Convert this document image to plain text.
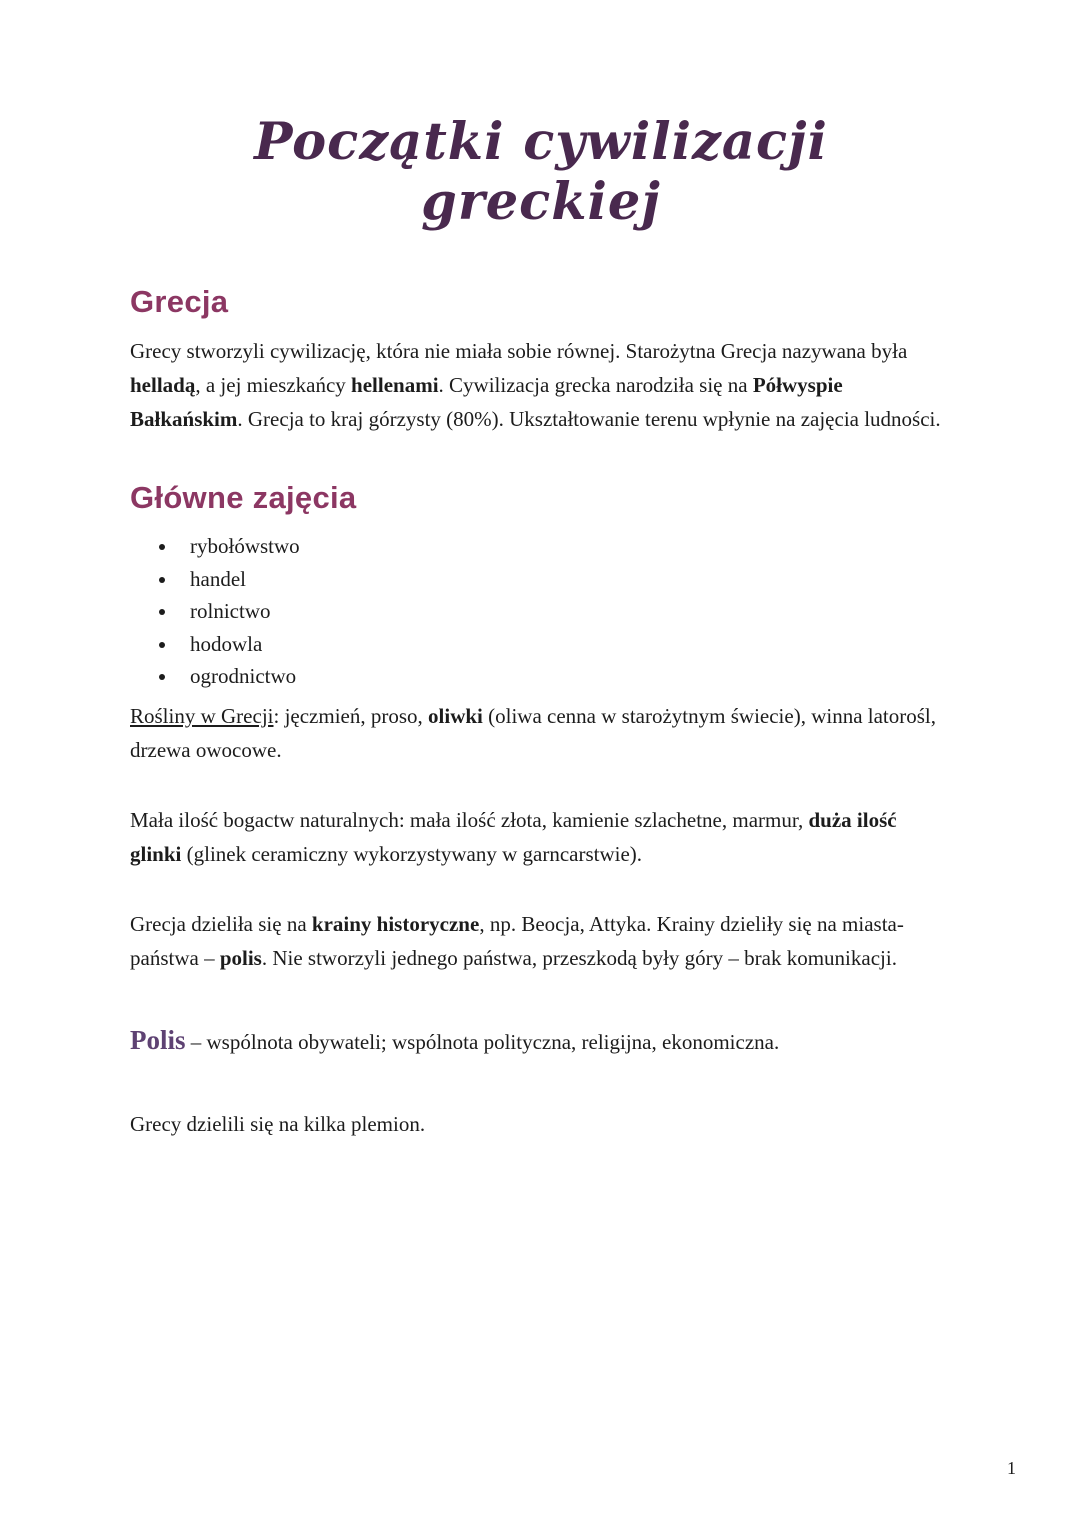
Początki cywilizacji greckiej
Grecja

Grecy stworzyli cywilizację, która nie miała sobie równej. Starożytna Grecja nazywana była helladą, a jej mieszkańcy hellenami. Cywilizacja grecka narodziła się na Półwyspie Bałkańskim. Grecja to kraj górzysty (80%). Ukształtowanie terenu wpłynie na zajęcia ludności.

Główne zajęcia
• rybołówstwo
• handel
• rolnictwo
• hodowla
• ogrodnictwo

Rośliny w Grecji: jęczmień, proso, oliwki (oliwa cenna w starożytnym świecie), winna latorośl, drzewa owocowe.

Mała ilość bogactw naturalnych: mała ilość złota, kamienie szlachetne, marmur, duża ilość glinki (glinek ceramiczny wykorzystywany w garncarstwie).

Grecja dzieliła się na krainy historyczne, np. Beocja, Attyka. Krainy dzieliły się na miasta-państwa – polis. Nie stworzyli jednego państwa, przeszkodą były góry – brak komunikacji.

Polis – wspólnota obywateli; wspólnota polityczna, religijna, ekonomiczna.

Grecy dzielili się na kilka plemion.

1
